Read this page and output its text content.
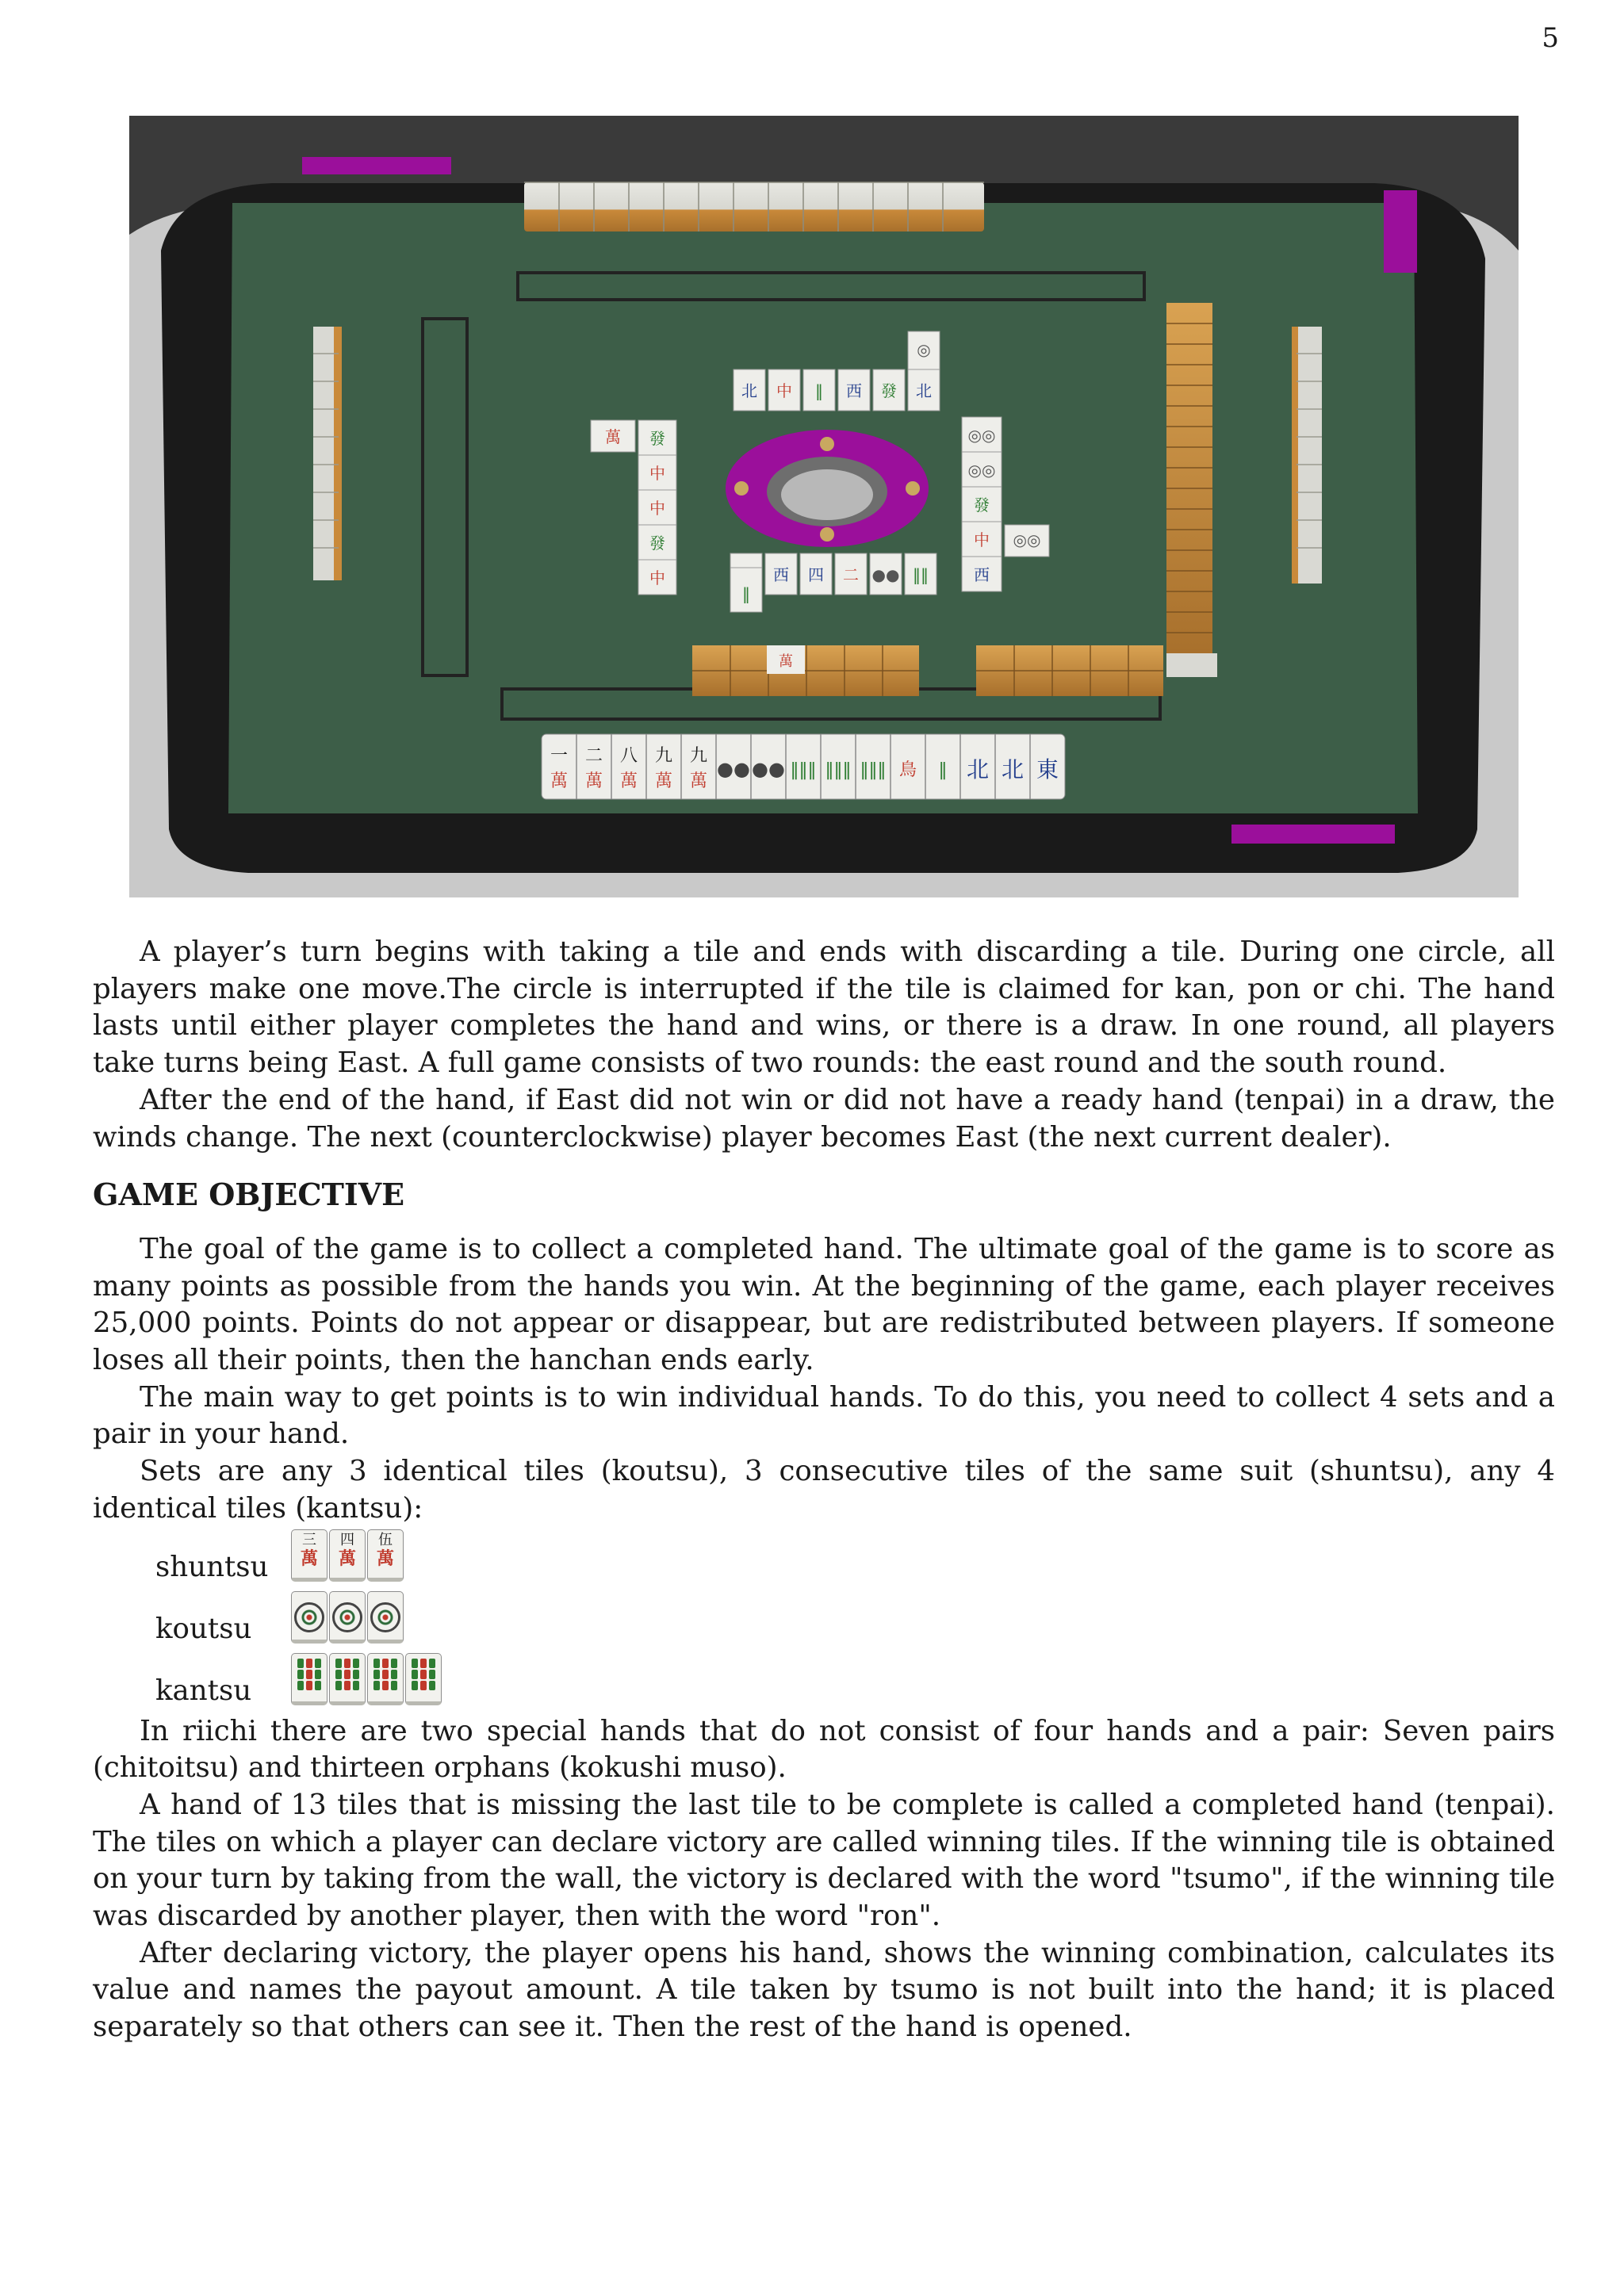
5
萬
北 中 ‖ 西 發 北
◎
萬 發
中
中
發
中
◎◎
◎◎
發
中
西
◎◎
西 四 二 ●● ‖‖
‖
一 二 八 九 九
萬 萬 萬 萬 萬
●● ●● ‖‖‖ ‖‖‖ ‖‖‖ 鳥 ‖ 北 北 東

A player’s turn begins with taking a tile and ends with discarding a tile. During one circle, all players make one move.The circle is interrupted if the tile is claimed for kan, pon or chi. The hand lasts until either player completes the hand and wins, or there is a draw. In one round, all players take turns being East. A full game consists of two rounds: the east round and the south round.

After the end of the hand, if East did not win or did not have a ready hand (tenpai) in a draw, the winds change. The next (counterclockwise) player becomes East (the next current dealer).

GAME OBJECTIVE

The goal of the game is to collect a completed hand. The ultimate goal of the game is to score as many points as possible from the hands you win. At the beginning of the game, each player receives 25,000 points. Points do not appear or disappear, but are redistributed between players. If someone loses all their points, then the hanchan ends early.

The main way to get points is to win individual hands. To do this, you need to collect 4 sets and a pair in your hand.

Sets are any 3 identical tiles (koutsu), 3 consecutive tiles of the same suit (shuntsu), any 4 identical tiles (kantsu):

shuntsu
三
萬
四
萬
伍
萬
koutsu
kantsu

In riichi there are two special hands that do not consist of four hands and a pair: Seven pairs (chitoitsu) and thirteen orphans (kokushi muso).

A hand of 13 tiles that is missing the last tile to be complete is called a completed hand (tenpai). The tiles on which a player can declare victory are called winning tiles. If the winning tile is obtained on your turn by taking from the wall, the victory is declared with the word "tsumo", if the winning tile was discarded by another player, then with the word "ron".

After declaring victory, the player opens his hand, shows the winning combination, calculates its value and names the payout amount. A tile taken by tsumo is not built into the hand; it is placed separately so that others can see it. Then the rest of the hand is opened.
